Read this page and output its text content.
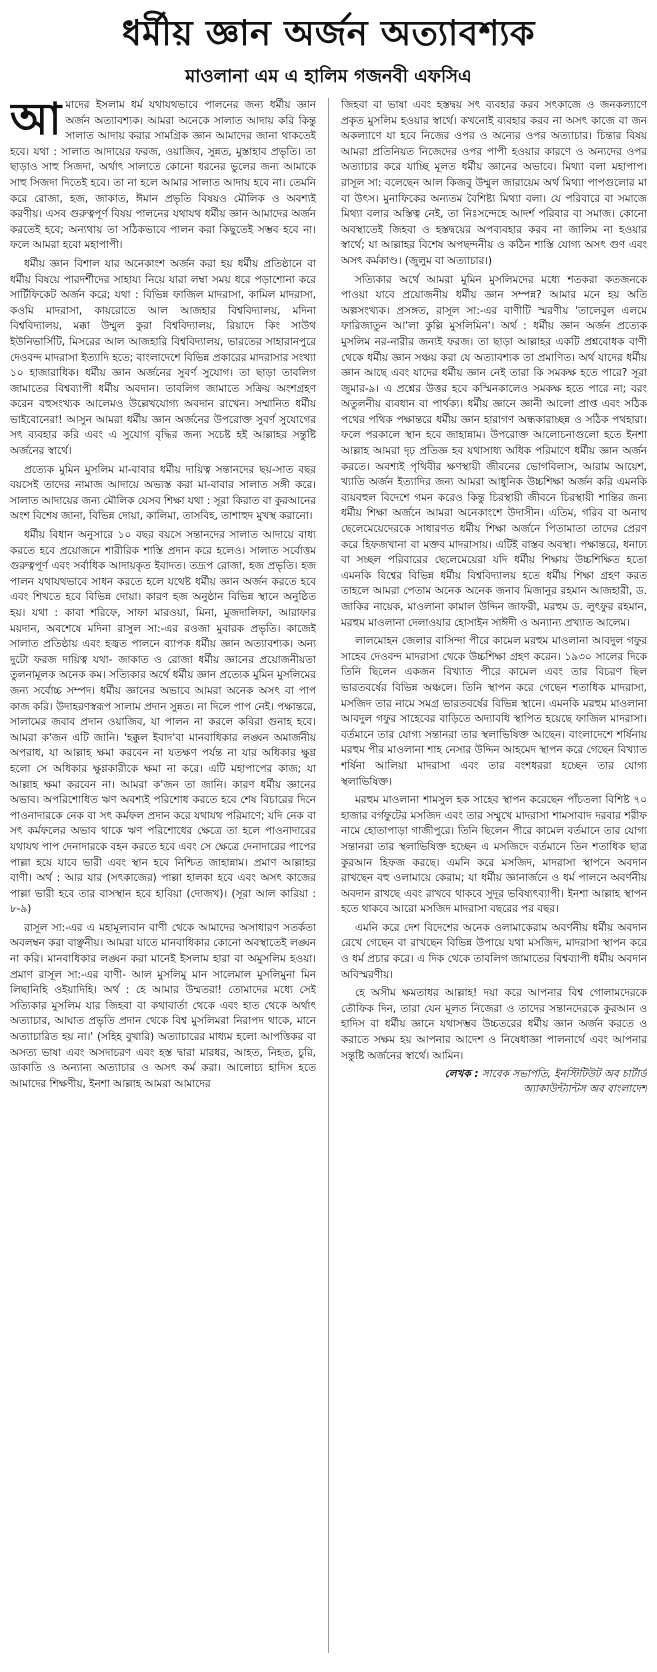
ধর্মীয় জ্ঞান অর্জন অত্যাবশ্যক
মাওলানা এম এ হালিম গজনবী এফসিএ

আমাদের ইসলাম ধর্ম যথাযথভাবে পালনের জন্য ধর্মীয় জ্ঞান অর্জন অত্যাবশ্যক। আমরা অনেকে সালাত আদায় করি কিন্তু সালাত আদায় করার সামগ্রিক জ্ঞান আমাদের জানা থাকতেই হবে। যথা : সালাত আদায়ের ফরজ, ওয়াজিব, সুন্নত, মুস্তাহাব প্রভৃতি। তা ছাড়াও সাহু সিজদা, অর্থাৎ সালাতে কোনো ধরনের ভুলের জন্য আমাকে সাহু সিজদা দিতেই হবে। তা না হলে আমার সালাত আদায় হবে না। তেমনি করে রোজা, হজ, জাকাত, ঈমান প্রভৃতি বিষয়ও মৌলিক ও অবশ্যই করণীয়। এসব গুরুত্বপূর্ণ বিষয় পালনের যথাযথ ধর্মীয় জ্ঞান আমাদের অর্জন করতেই হবে; অন্যথায় তা সঠিকভাবে পালন করা কিছুতেই সম্ভব হবে না। ফলে আমরা হবো মহাপাপী।

ধর্মীয় জ্ঞান বিশাল যার অনেকাংশ অর্জন করা হয় ধর্মীয় প্রতিষ্ঠানে বা ধর্মীয় বিষয়ে পারদর্শীদের সাহায্য নিয়ে যারা লম্বা সময় ধরে পড়াশোনা করে সার্টিফিকেট অর্জন করে; যথা : বিভিন্ন ফাজিল মাদরাসা, কামিল মাদরাসা, কওমি মাদরাসা, কায়রোতে আল আজহার বিশ্ববিদ্যালয়, মদিনা বিশ্ববিদ্যালয়, মক্কা উম্মুল কুরা বিশ্ববিদ্যালয়, রিয়াদে কিং সাউথ ইউনিভার্সিটি, মিসরের আল আজহারি বিশ্ববিদ্যালয়, ভারতের সাহারানপুরে দেওবন্দ মাদরাসা ইত্যাদি হতে; বাংলাদেশে বিভিন্ন প্রকারের মাদরাসার সংখ্যা ১০ হাজারাধিক। ধর্মীয় জ্ঞান অর্জনের সুবর্ণ সুযোগ। তা ছাড়া তাবলিগ জামাতের বিশ্বব্যাপী ধর্মীয় অবদান। তাবলিগ জামাতে সক্রিয় অংশগ্রহণ করেন বহুসংখ্যক আলেমও উল্লেখযোগ্য অবদান রাখেন। সম্মানিত ধর্মীয় ভাইবোনেরা! আসুন আমরা ধর্মীয় জ্ঞান অর্জনের উপরোক্ত সুবর্ণ সুযোগের সৎ ব্যবহার করি এবং এ সুযোগ বৃদ্ধির জন্য সচেষ্ট হই আল্লাহর সন্তুষ্টি অর্জনের স্বার্থে।

প্রত্যেক মুমিন মুসলিম মা-বাবার ধর্মীয় দায়িত্ব সন্তানদের ছয়-সাত বছর বয়সেই তাদের নামাজ আদায়ে অভ্যস্ত করা মা-বাবার সালাত সঙ্গী করে। সালাত আদায়ের জন্য মৌলিক যেসব শিক্ষা যথা : সূরা কিরাত বা কুরআনের অংশ বিশেষ জানা, বিভিন্ন দোয়া, কালিমা, তাসবিহ, তাশাহুদ মুখস্থ করানো।

ধর্মীয় বিধান অনুসারে ১০ বছর বয়সে সন্তানদের সালাত আদায়ে বাধ্য করতে হবে প্রয়োজনে শারীরিক শাস্তি প্রদান করে হলেও। সালাত সর্বোত্তম গুরুত্বপূর্ণ এবং সর্বাধিক আদায়কৃত ইবাদত। তদ্রূপ রোজা, হজ প্রভৃতি। হজ পালন যথাযথভাবে সাধন করতে হলে যথেষ্ট ধর্মীয় জ্ঞান অর্জন করতে হবে এবং শিখতে হবে বিভিন্ন দোয়া। কারণ হজ অনুষ্ঠান বিভিন্ন স্থানে অনুষ্ঠিত হয়। যথা : কাবা শরিফে, সাফা মারওয়া, মিনা, মুজদালিফা, আরাফার ময়দান, অবশেষে মদিনা রাসুল সা:-এর রওজা মুবারক প্রভৃতি। কাজেই সালাত প্রতিষ্ঠায় এবং হজ্বত পালনে ব্যাপক ধর্মীয় জ্ঞান অত্যাবশ্যক। অন্য দুটো ফরজ দায়িত্ব যথা- জাকাত ও রোজা ধর্মীয় জ্ঞানের প্রয়োজনীয়তা তুলনামূলক অনেক কম। সত্যিকার অর্থে ধর্মীয় জ্ঞান প্রত্যেক মুমিন মুসলিমের জন্য সর্বোচ্চ সম্পদ। ধর্মীয় জ্ঞানের অভাবে আমরা অনেক অসৎ বা পাপ কাজ করি। উদাহরণস্বরূপ সালাম প্রদান সুন্নত। না দিলে পাপ নেই। পক্ষান্তরে, সালামের জবাব প্রদান ওয়াজিব, যা পালন না করলে কবিরা গুনাহ হবে। আমরা ক'জন এটি জানি। 'হক্কুল ইবাদ'বা মানবাধিকার লঙ্ঘন অমার্জনীয় অপরাধ, যা আল্লাহ ক্ষমা করবেন না যতক্ষণ পর্যন্ত না যার অধিকার ক্ষুণ্ণ হলো সে অধিকার ক্ষুণ্ণকারীকে ক্ষমা না করে। এটি মহাপাপের কাজ; যা আল্লাহ ক্ষমা করবেন না। আমরা ক'জন তা জানি। কারণ ধর্মীয় জ্ঞানের অভাব। অপরিশোধিত ঋণ অবশ্যই পরিশোধ করতে হবে শেষ বিচারের দিনে পাওনাদারকে নেক বা সৎ কর্মফল প্রদান করে যথাযথ পরিমাণে; যদি নেক বা সৎ কর্মফলের অভাব থাকে ঋণ পরিশোধের ক্ষেত্রে তা হলে পাওনাদারের যথাযথ পাপ দেনাদারকে বহন করতে হবে এবং সে ক্ষেত্রে দেনাদারের পাপের পাল্লা হয়ে যাবে ভারী এবং স্থান হবে নিশ্চিত জাহান্নাম। প্রমাণ আল্লাহর বাণী। অর্থ : আর যার (সৎকাজের) পাল্লা হালকা হবে এবং অসৎ কাজের পাল্লা ভারী হবে তার বাসস্থান হবে হাবিয়া (দোজখ)। (সূরা আল কারিয়া : ৮-৯)

রাসূল সা:-এর এ মহামূল্যবান বাণী থেকে আমাদের অসাধারণ সতর্কতা অবলম্বন করা বাঞ্ছনীয়। আমরা যাতে মানবাধিকার কোনো অবস্থাতেই লঙ্ঘন না করি। মানবাধিকার লঙ্ঘন করা মানেই ইসলাম হারা বা অমুসলিম হওয়া। প্রমাণ রাসূল সা:-এর বাণী- আল মুসলিমু মান সালেমাল মুসলিমুনা মিন লিছানিহি ওইয়াদিহি। অর্থ : হে আমার উম্মতরা! তোমাদের মধ্যে সেই সত্যিকার মুসলিম যার জিহবা বা কথাবার্তা থেকে এবং হাত থেকে অর্থাৎ অত্যাচার, আঘাত প্রভৃতি প্রদান থেকে বিশ্ব মুসলিমরা নিরাপদ থাকে, মানে অত্যাচারিত হয় না।' (সহিহ বুখারি) অত্যাচারের মাধ্যম হলো আপত্তিকর বা অসত্য ভাষা এবং অসদাচরণ এবং হস্ত দ্বারা মারধর, আহত, নিহত, চুরি, ডাকাতি ও অন্যান্য অত্যাচার ও অসৎ কর্ম করা। আলোচ্য হাদিস হতে আমাদের শিক্ষণীয়, ইনশা আল্লাহ আমরা আমাদের

জিহবা বা ভাষা এবং হস্তদ্বয় সৎ ব্যবহার করব সৎকাজে ও জনকল্যাণে প্রকৃত মুসলিম হওয়ার স্বার্থে। কখনোই ব্যবহার করব না অসৎ কাজে বা জন অকল্যাণে যা হবে নিজের ওপর ও অন্যের ওপর অত্যাচার। চিন্তার বিষয় আমরা প্রতিনিয়ত নিজেদের ওপর পাপী হওয়ার কারণে ও অন্যদের ওপর অত্যাচার করে যাচ্ছি মূলত ধর্মীয় জ্ঞানের অভাবে। মিথ্যা বলা মহাপাপ। রাসূল সা: বলেছেন আল কিজবু উম্মুল জারায়েম অর্থ মিথ্যা পাপগুলোর মা বা উৎস। মুনাফিকের অন্যতম বৈশিষ্ট্য মিথ্যা বলা। যে পরিবারে বা সমাজে মিথ্যা বলার অস্তিত্ব নেই, তা নিঃসন্দেহে আদর্শ পরিবার বা সমাজ। কোনো অবস্থাতেই জিহবা ও হস্তদ্বয়ের অপব্যবহার করব না জালিম না হওয়ার স্বার্থে; যা আল্লাহর বিশেষ অপছন্দনীয় ও কঠিন শাস্তি যোগ্য অসৎ গুণ এবং অসৎ কর্মকাণ্ড। (জুলুম বা অত্যাচার।)

সত্যিকার অর্থে আমরা মুমিন মুসলিমদের মধ্যে শতকরা কতজনকে পাওয়া যাবে প্রয়োজনীয় ধর্মীয় জ্ঞান সম্পন্ন? আমার মনে হয় অতি অল্পসংখ্যক। প্রসঙ্গত, রাসূল সা:-এর বাণীটি স্মরণীয় 'তালেবুল এলমে ফারিজাতুন আ'লা কুল্লি মুসলিমিন'। অর্থ : ধর্মীয় জ্ঞান অর্জন প্রত্যেক মুসলিম নর-নারীর জন্যই ফরজ। তা ছাড়া আল্লাহর একটি প্রশ্নবোধক বাণী থেকে ধর্মীয় জ্ঞান সঞ্চয় করা যে অত্যাবশ্যক তা প্রমাণিত। অর্থ যাদের ধর্মীয় জ্ঞান আছে এবং যাদের ধর্মীয় জ্ঞান নেই তারা কি সমকক্ষ হতে পারে? সূরা জুমার-৯। এ প্রশ্নের উত্তর হবে কস্মিনকালেও সমকক্ষ হতে পারে না; বরং অতুলনীয় ব্যবধান বা পার্থক্য। ধর্মীয় জ্ঞানে জ্ঞানী আলো প্রাপ্ত এবং সঠিক পথের পথিক পক্ষান্তরে ধর্মীয় জ্ঞান হারাগণ অন্ধকারাচ্ছন্ন ও সঠিক পথহারা। ফলে পরকালে স্থান হবে জাহান্নাম। উপরোক্ত আলোচনাগুলো হতে ইনশা আল্লাহ আমরা দৃঢ় প্রতিজ্ঞ হব যথাসাধ্য অধিক পরিমাণে ধর্মীয় জ্ঞান অর্জন করতে। অবশ্যই পৃথিবীর ক্ষণস্থায়ী জীবনের ভোগবিলাস, আরাম আয়েশ, খ্যাতি অর্জন ইত্যাদির জন্য আমরা আধুনিক উচ্চশিক্ষা অর্জন করি এমনকি ব্যয়বহুল বিদেশে গমন করেও কিন্তু চিরস্থায়ী জীবনে চিরস্থায়ী শান্তির জন্য ধর্মীয় শিক্ষা অর্জনে আমরা অনেকাংশে উদাসীন। এতিম, গরিব বা অনাথ ছেলেমেয়েদেরকে সাধারণত ধর্মীয় শিক্ষা অর্জনে পিতামাতা তাদের প্রেরণ করে হিফজখানা বা মক্তব মাদরাসায়। এটিই বাস্তব অবস্থা। পক্ষান্তরে, ধনাঢ্য বা সচ্ছল পরিবারের ছেলেমেয়েরা যদি ধর্মীয় শিক্ষায় উচ্চশিক্ষিত হতো এমনকি বিশ্বের বিভিন্ন ধর্মীয় বিশ্ববিদ্যালয় হতে ধর্মীয় শিক্ষা গ্রহণ করত তাহলে আমরা পেতাম অনেক অনেক জনাব মিজানুর রহমান আজহারী, ড. জাকির নায়েক, মাওলানা কামাল উদ্দিন জাফরী, মরহুম ড. লুৎফুর রহমান, মরহুম মাওলানা দেলাওয়ার হোসাইন সাঈদী ও অন্যান্য প্রখ্যাত আলেম।

লালমোহন জেলার বাসিন্দা পীরে কামেল মরহুম মাওলানা আবদুল গফুর সাহেব দেওবন্দ মাদরাসা থেকে উচ্চশিক্ষা গ্রহণ করেন। ১৯৩০ সালের দিকে তিনি ছিলেন একজন বিখ্যাত পীরে কামেল এবং তার বিচরণ ছিল ভারতবর্ষের বিভিন্ন অঞ্চলে। তিনি স্থাপন করে গেছেন শতাধিক মাদরাসা, মসজিদ তার নামে সমগ্র ভারতবর্ষের বিভিন্ন স্থানে। এমনকি মরহুম মাওলানা আবদুল গফুর সাহেবের বাড়িতে অদ্যাবধি স্থাপিত হয়েছে ফাজিল মাদরাসা। বর্তমানে তার যোগ্য সন্তানরা তার স্থলাভিষিক্ত আছেন। বাংলাদেশে শর্ষিনায় মরহুম পীর মাওলানা শাহ নেসার উদ্দিন আহমেদ স্থাপন করে গেছেন বিখ্যাত শর্ষিনা আলিয়া মাদরাসা এবং তার বংশধররা হচ্ছেন তার যোগ্য স্থলাভিষিক্ত।

মরহুম মাওলানা শামসুল হক সাহেব স্থাপন করেছেন পাঁচতলা বিশিষ্ট ৭০ হাজার বর্গফুটের মসজিদ এবং তার সম্মুখে মাদরাসা শামসাবাদ দরবার শরীফ নামে হোতাপাড়া গাজীপুরে। তিনি ছিলেন পীরে কামেল বর্তমানে তার যোগ্য সন্তানরা তার স্থলাভিষিক্ত হচ্ছেন এ মসজিদে বর্তমানে তিন শতাধিক ছাত্র কুরআন হিফজ করছে। এমনি করে মসজিদ, মাদরাসা স্থাপনে অবদান রাখছেন বহু ওলামায়ে কেরাম; যা ধর্মীয় জ্ঞানার্জনে ও ধর্ম পালনে অবর্ণনীয় অবদান রাখছে এবং রাখবে থাকবে সুদূর ভবিষ্যৎব্যাপী। ইনশা আল্লাহ স্থাপন হতে থাকবে আরো মসজিদ মাদরাসা বছরের পর বছর।

এমনি করে দেশ বিদেশের অনেক ওলামাকেরাম অবর্ণনীয় ধর্মীয় অবদান রেখে গেছেন বা রাখছেন বিভিন্ন উপায়ে যথা মসজিদ, মাদরাসা স্থাপন করে ও ধর্ম প্রচার করে। এ দিক থেকে তাবলিগ জামাতের বিশ্বব্যাপী ধর্মীয় অবদান অবিস্মরণীয়।

হে অসীম ক্ষমতাধর আল্লাহ! দয়া করে আপনার বিশ্ব গোলামদেরকে তৌফিক দিন, তারা যেন মূলত নিজেরা ও তাদের সন্তানদেরকে কুরআন ও হাদিস বা ধর্মীয় জ্ঞানে যথাসম্ভব উচ্চতরের ধর্মীয় জ্ঞান অর্জন করতে ও করাতে সক্ষম হয় আপনার আদেশ ও নিষেধাজ্ঞা পালনার্থে এবং আপনার সন্তুষ্টি অর্জনের স্বার্থে। আমিন।

লেখক : সাবেক সভাপতি, ইনস্টিটিউট অব চার্টার্ড
অ্যাকাউন্ট্যান্টস অব বাংলাদেশ
